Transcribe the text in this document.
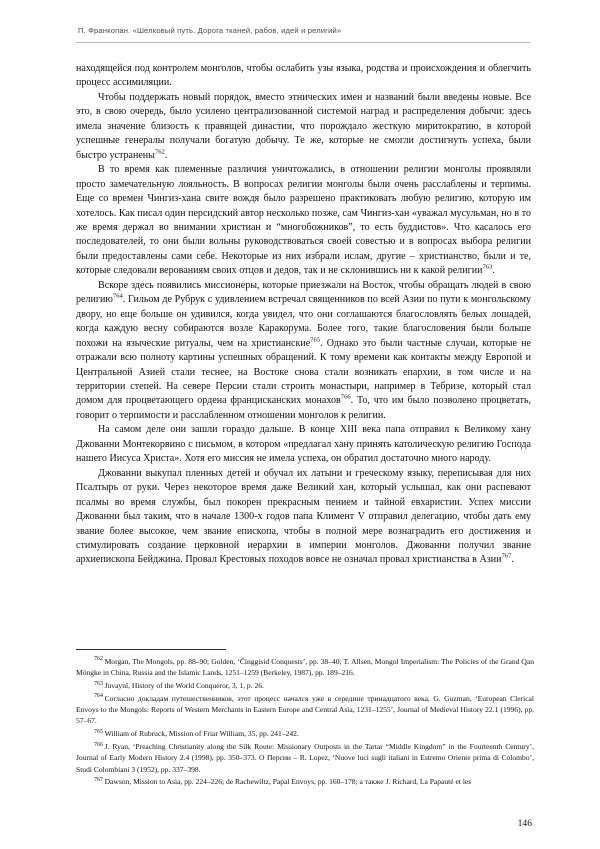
П. Франкопан. «Шелковый путь. Дорога тканей, рабов, идей и религий»

находящейся под контролем монголов, чтобы ослабить узы языка, родства и происхождения и облегчить процесс ассимиляции.

Чтобы поддержать новый порядок, вместо этнических имен и названий были введены новые. Все это, в свою очередь, было усилено централизованной системой наград и распределения добычи: здесь имела значение близость к правящей династии, что порождало жесткую миритократию, в которой успешные генералы получали богатую добычу. Те же, которые не смогли достигнуть успеха, были быстро устранены$^{762}$.

В то время как племенные различия уничтожались, в отношении религии монголы проявляли просто замечательную лояльность. В вопросах религии монголы были очень расслаблены и терпимы. Еще со времен Чингиз-хана свите вождя было разрешено практиковать любую религию, которую им хотелось. Как писал один персидский автор несколько позже, сам Чингиз-хан «уважал мусульман, но в то же время держал во внимании христиан и “многобожников”, то есть буддистов». Что касалось его последователей, то они были вольны руководствоваться своей совестью и в вопросах выбора религии были предоставлены сами себе. Некоторые из них избрали ислам, другие – христианство, были и те, которые следовали верованиям своих отцов и дедов, так и не склонившись ни к какой религии$^{763}$.

Вскоре здесь появились миссионеры, которые приезжали на Восток, чтобы обращать людей в свою религию$^{764}$. Гильом де Рубрук с удивлением встречал священников по всей Азии по пути к монгольскому двору, но еще больше он удивился, когда увидел, что они соглашаются благословлять белых лошадей, когда каждую весну собираются возле Каракорума. Более того, такие благословения были больше похожи на языческие ритуалы, чем на христианские$^{765}$. Однако это были частные случаи, которые не отражали всю полноту картины успешных обращений. К тому времени как контакты между Европой и Центральной Азией стали теснее, на Востоке снова стали возникать епархии, в том числе и на территории степей. На севере Персии стали строить монастыри, например в Тебризе, который стал домом для процветающего ордена францисканских монахов$^{766}$. То, что им было позволено процветать, говорит о терпимости и расслабленном отношении монголов к религии.

На самом деле они зашли гораздо дальше. В конце XIII века папа отправил к Великому хану Джованни Монтекорвино с письмом, в котором «предлагал хану принять католическую религию Господа нашего Иисуса Христа». Хотя его миссия не имела успеха, он обратил достаточно много народу.

Джованни выкупал пленных детей и обучал их латыни и греческому языку, переписывая для них Псалтырь от руки. Через некоторое время даже Великий хан, который услышал, как они распевают псалмы во время службы, был покорен прекрасным пением и тайной евхаристии. Успех миссии Джованни был таким, что в начале 1300-х годов папа Климент V отправил делегацию, чтобы дать ему звание более высокое, чем звание епископа, чтобы в полной мере вознаградить его достижения и стимулировать создание церковной иерархии в империи монголов. Джованни получил звание архиепископа Бейджина. Провал Крестовых походов вовсе не означал провал христианства в Азии$^{767}$.

$^{762}$ Morgan, The Mongols, pp. 88–90; Golden, ‘Činggisid Conquests’, pp. 38–40; T. Allsen, Mongol Imperialism: The Policies of the Grand Qan Möngke in China, Russia and the Islamic Lands, 1251–1259 (Berkeley, 1987), pp. 189–216.

$^{763}$ Juvaynī, History of the World Conqueror, 3, 1, p. 26.

$^{764}$ Согласно докладам путешественников, этот процесс начался уже в середине тринадцатого века, G. Guzman, ‘European Clerical Envoys to the Mongols: Reports of Western Merchants in Eastern Europe and Central Asia, 1231–1255’, Journal of Medieval History 22.1 (1996), pp. 57–67.

$^{765}$ William of Rubruck, Mission of Friar William, 35, pp. 241–242.

$^{766}$ J. Ryan, ‘Preaching Christianity along the Silk Route: Missionary Outposts in the Tartar “Middle Kingdom” in the Fourteenth Century’, Journal of Early Modern History 2.4 (1998), pp. 350–373. О Персии – R. Lopez, ‘Nuove luci sugli italiani in Estremo Oriente prima di Colombo’, Studi Colombiani 3 (1952), pp. 337–398.

$^{767}$ Dawson, Mission to Asia, pp. 224–226; de Rachewiltz, Papal Envoys, pp. 160–178; а также J. Richard, La Papauté et les

146
